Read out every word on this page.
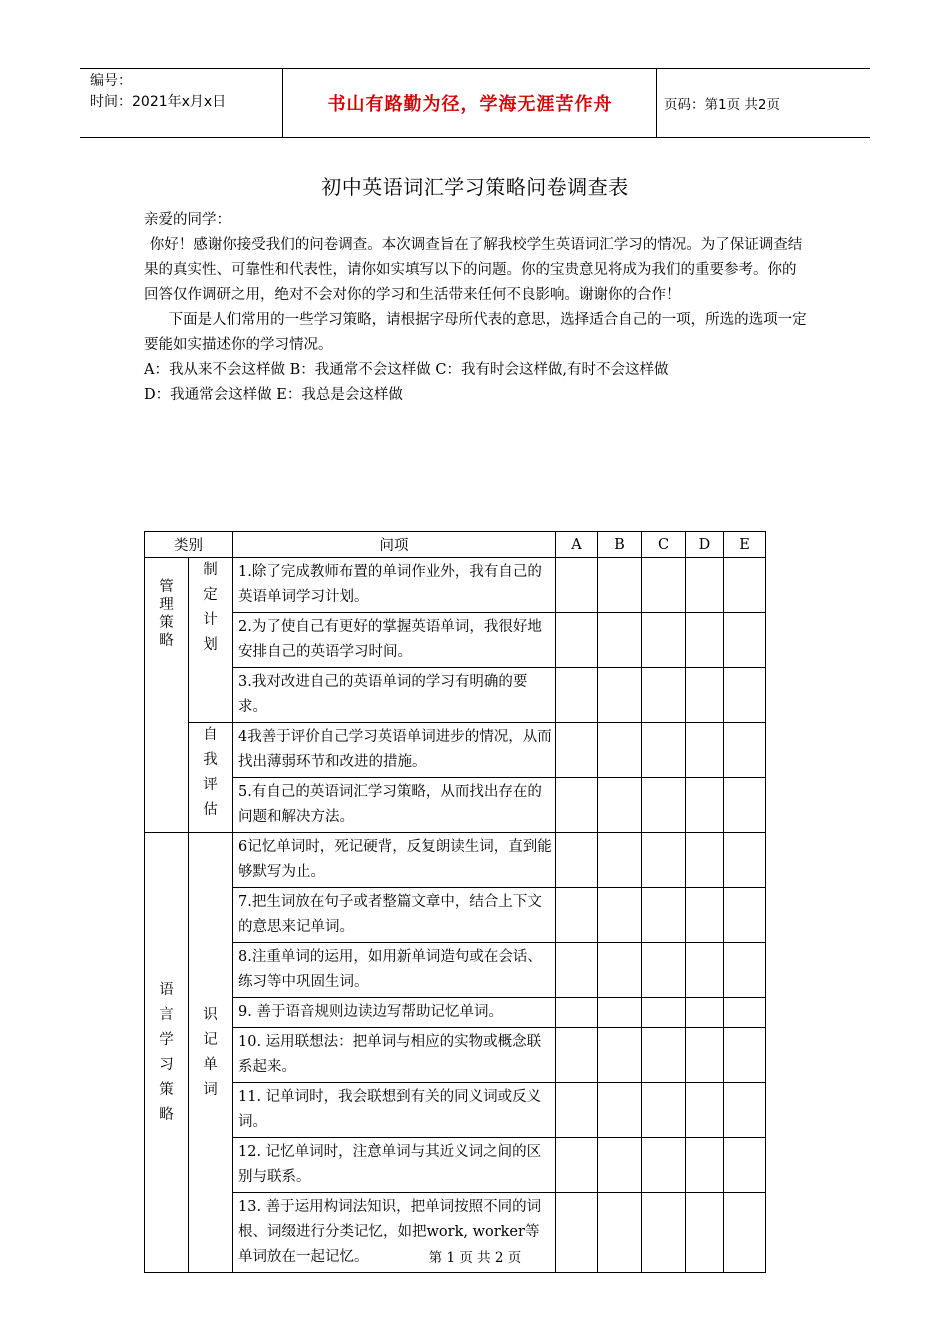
编号：
时间：2021年x月x日	书山有路勤为径，学海无涯苦作舟	页码：第1页 共2页
初中英语词汇学习策略问卷调查表

亲爱的同学：

你好！感谢你接受我们的问卷调查。本次调查旨在了解我校学生英语词汇学习的情况。为了保证调查结果的真实性、可靠性和代表性，请你如实填写以下的问题。你的宝贵意见将成为我们的重要参考。你的回答仅作调研之用，绝对不会对你的学习和生活带来任何不良影响。谢谢你的合作！

下面是人们常用的一些学习策略，请根据字母所代表的意思，选择适合自己的一项，所选的选项一定要能如实描述你的学习情况。

A：我从来不会这样做 B：我通常不会这样做 C：我有时会这样做,有时不会这样做

D：我通常会这样做 E：我总是会这样做

类别		问项	A	B	C	D	E
管理策略	制定计划	1.除了完成教师布置的单词作业外，我有自己的英语单词学习计划。					
		2.为了使自己有更好的掌握英语单词，我很好地安排自己的英语学习时间。					
		3.我对改进自己的英语单词的学习有明确的要求。					
	自我评估	4我善于评价自己学习英语单词进步的情况，从而找出薄弱环节和改进的措施。					
		5.有自己的英语词汇学习策略，从而找出存在的问题和解决方法。					
语言学习策略	识记单词	6记忆单词时，死记硬背，反复朗读生词，直到能够默写为止。					
		7.把生词放在句子或者整篇文章中，结合上下文的意思来记单词。					
		8.注重单词的运用，如用新单词造句或在会话、练习等中巩固生词。					
		9. 善于语音规则边读边写帮助记忆单词。					
		10. 运用联想法：把单词与相应的实物或概念联系起来。					
		11. 记单词时，我会联想到有关的同义词或反义词。					
		12. 记忆单词时，注意单词与其近义词之间的区别与联系。					
		13. 善于运用构词法知识，把单词按照不同的词根、词缀进行分类记忆，如把work, worker等单词放在一起记忆。						第 1 页 共 2 页
